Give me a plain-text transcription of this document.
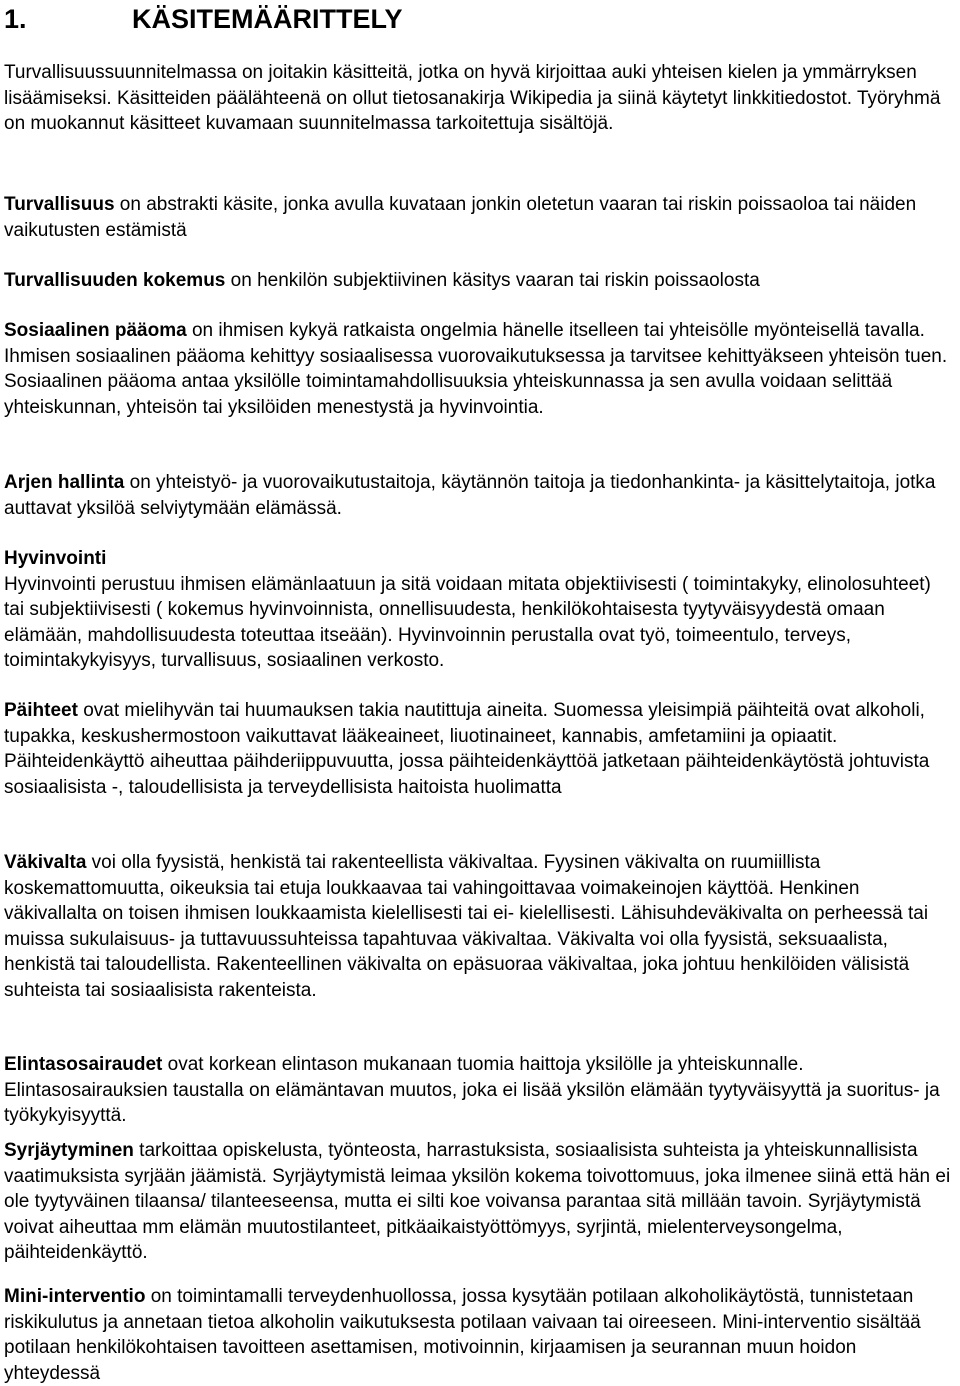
1.	KÄSITEMÄÄRITTELY

Turvallisuussuunnitelmassa on joitakin käsitteitä, jotka on hyvä kirjoittaa auki yhteisen kielen ja ymmärryksen lisäämiseksi. Käsitteiden päälähteenä on ollut tietosanakirja Wikipedia ja siinä käytetyt linkkitiedostot. Työryhmä on muokannut käsitteet kuvamaan suunnitelmassa tarkoitettuja sisältöjä.

Turvallisuus on abstrakti käsite, jonka avulla kuvataan jonkin oletetun vaaran tai riskin poissaoloa tai näiden vaikutusten estämistä

Turvallisuuden kokemus on henkilön subjektiivinen käsitys vaaran tai riskin poissaolosta

Sosiaalinen pääoma on ihmisen kykyä ratkaista ongelmia hänelle itselleen tai yhteisölle myönteisellä tavalla. Ihmisen sosiaalinen pääoma kehittyy sosiaalisessa vuorovaikutuksessa ja tarvitsee kehittyäkseen yhteisön tuen. Sosiaalinen pääoma antaa yksilölle toimintamahdollisuuksia yhteiskunnassa ja sen avulla voidaan selittää yhteiskunnan, yhteisön tai yksilöiden menestystä ja hyvinvointia.

Arjen hallinta on yhteistyö- ja vuorovaikutustaitoja, käytännön taitoja ja tiedonhankinta- ja käsittelytaitoja, jotka auttavat yksilöä selviytymään elämässä.

Hyvinvointi
Hyvinvointi perustuu ihmisen elämänlaatuun ja sitä voidaan mitata objektiivisesti ( toimintakyky, elinolosuhteet) tai subjektiivisesti ( kokemus hyvinvoinnista, onnellisuudesta, henkilökohtaisesta tyytyväisyydestä omaan elämään, mahdollisuudesta toteuttaa itseään). Hyvinvoinnin perustalla ovat työ, toimeentulo, terveys, toimintakykyisyys, turvallisuus, sosiaalinen verkosto.

Päihteet ovat mielihyvän tai huumauksen takia nautittuja aineita. Suomessa yleisimpiä päihteitä ovat alkoholi, tupakka, keskushermostoon vaikuttavat lääkeaineet, liuotinaineet, kannabis, amfetamiini ja opiaatit. Päihteidenkäyttö aiheuttaa päihderiippuvuutta, jossa päihteidenkäyttöä jatketaan päihteidenkäytöstä johtuvista sosiaalisista -, taloudellisista ja terveydellisista haitoista huolimatta

Väkivalta voi olla fyysistä, henkistä tai rakenteellista väkivaltaa. Fyysinen väkivalta on ruumiillista koskemattomuutta, oikeuksia tai etuja loukkaavaa tai vahingoittavaa voimakeinojen käyttöä. Henkinen väkivallalta on toisen ihmisen loukkaamista kielellisesti tai ei- kielellisesti. Lähisuhdeväkivalta on perheessä tai muissa sukulaisuus- ja tuttavuussuhteissa tapahtuvaa väkivaltaa. Väkivalta voi olla fyysistä, seksuaalista, henkistä tai taloudellista. Rakenteellinen väkivalta on epäsuoraa väkivaltaa, joka johtuu henkilöiden välisistä suhteista tai sosiaalisista rakenteista.

Elintasosairaudet ovat korkean elintason mukanaan tuomia haittoja yksilölle ja yhteiskunnalle. Elintasosairauksien taustalla on elämäntavan muutos, joka ei lisää yksilön elämään tyytyväisyyttä ja suoritus- ja työkykyisyyttä.

Syrjäytyminen tarkoittaa opiskelusta, työnteosta, harrastuksista, sosiaalisista suhteista ja yhteiskunnallisista vaatimuksista syrjään jäämistä. Syrjäytymistä leimaa yksilön kokema toivottomuus, joka ilmenee siinä että hän ei ole tyytyväinen tilaansa/ tilanteeseensa, mutta ei silti koe voivansa parantaa sitä millään tavoin. Syrjäytymistä voivat aiheuttaa mm elämän muutostilanteet, pitkäaikaistyöttömyys, syrjintä, mielenterveysongelma, päihteidenkäyttö.

Mini-interventio on toimintamalli terveydenhuollossa, jossa kysytään potilaan alkoholikäytöstä, tunnistetaan riskikulutus ja annetaan tietoa alkoholin vaikutuksesta potilaan vaivaan tai oireeseen. Mini-interventio sisältää potilaan henkilökohtaisen tavoitteen asettamisen, motivoinnin, kirjaamisen ja seurannan muun hoidon yhteydessä
